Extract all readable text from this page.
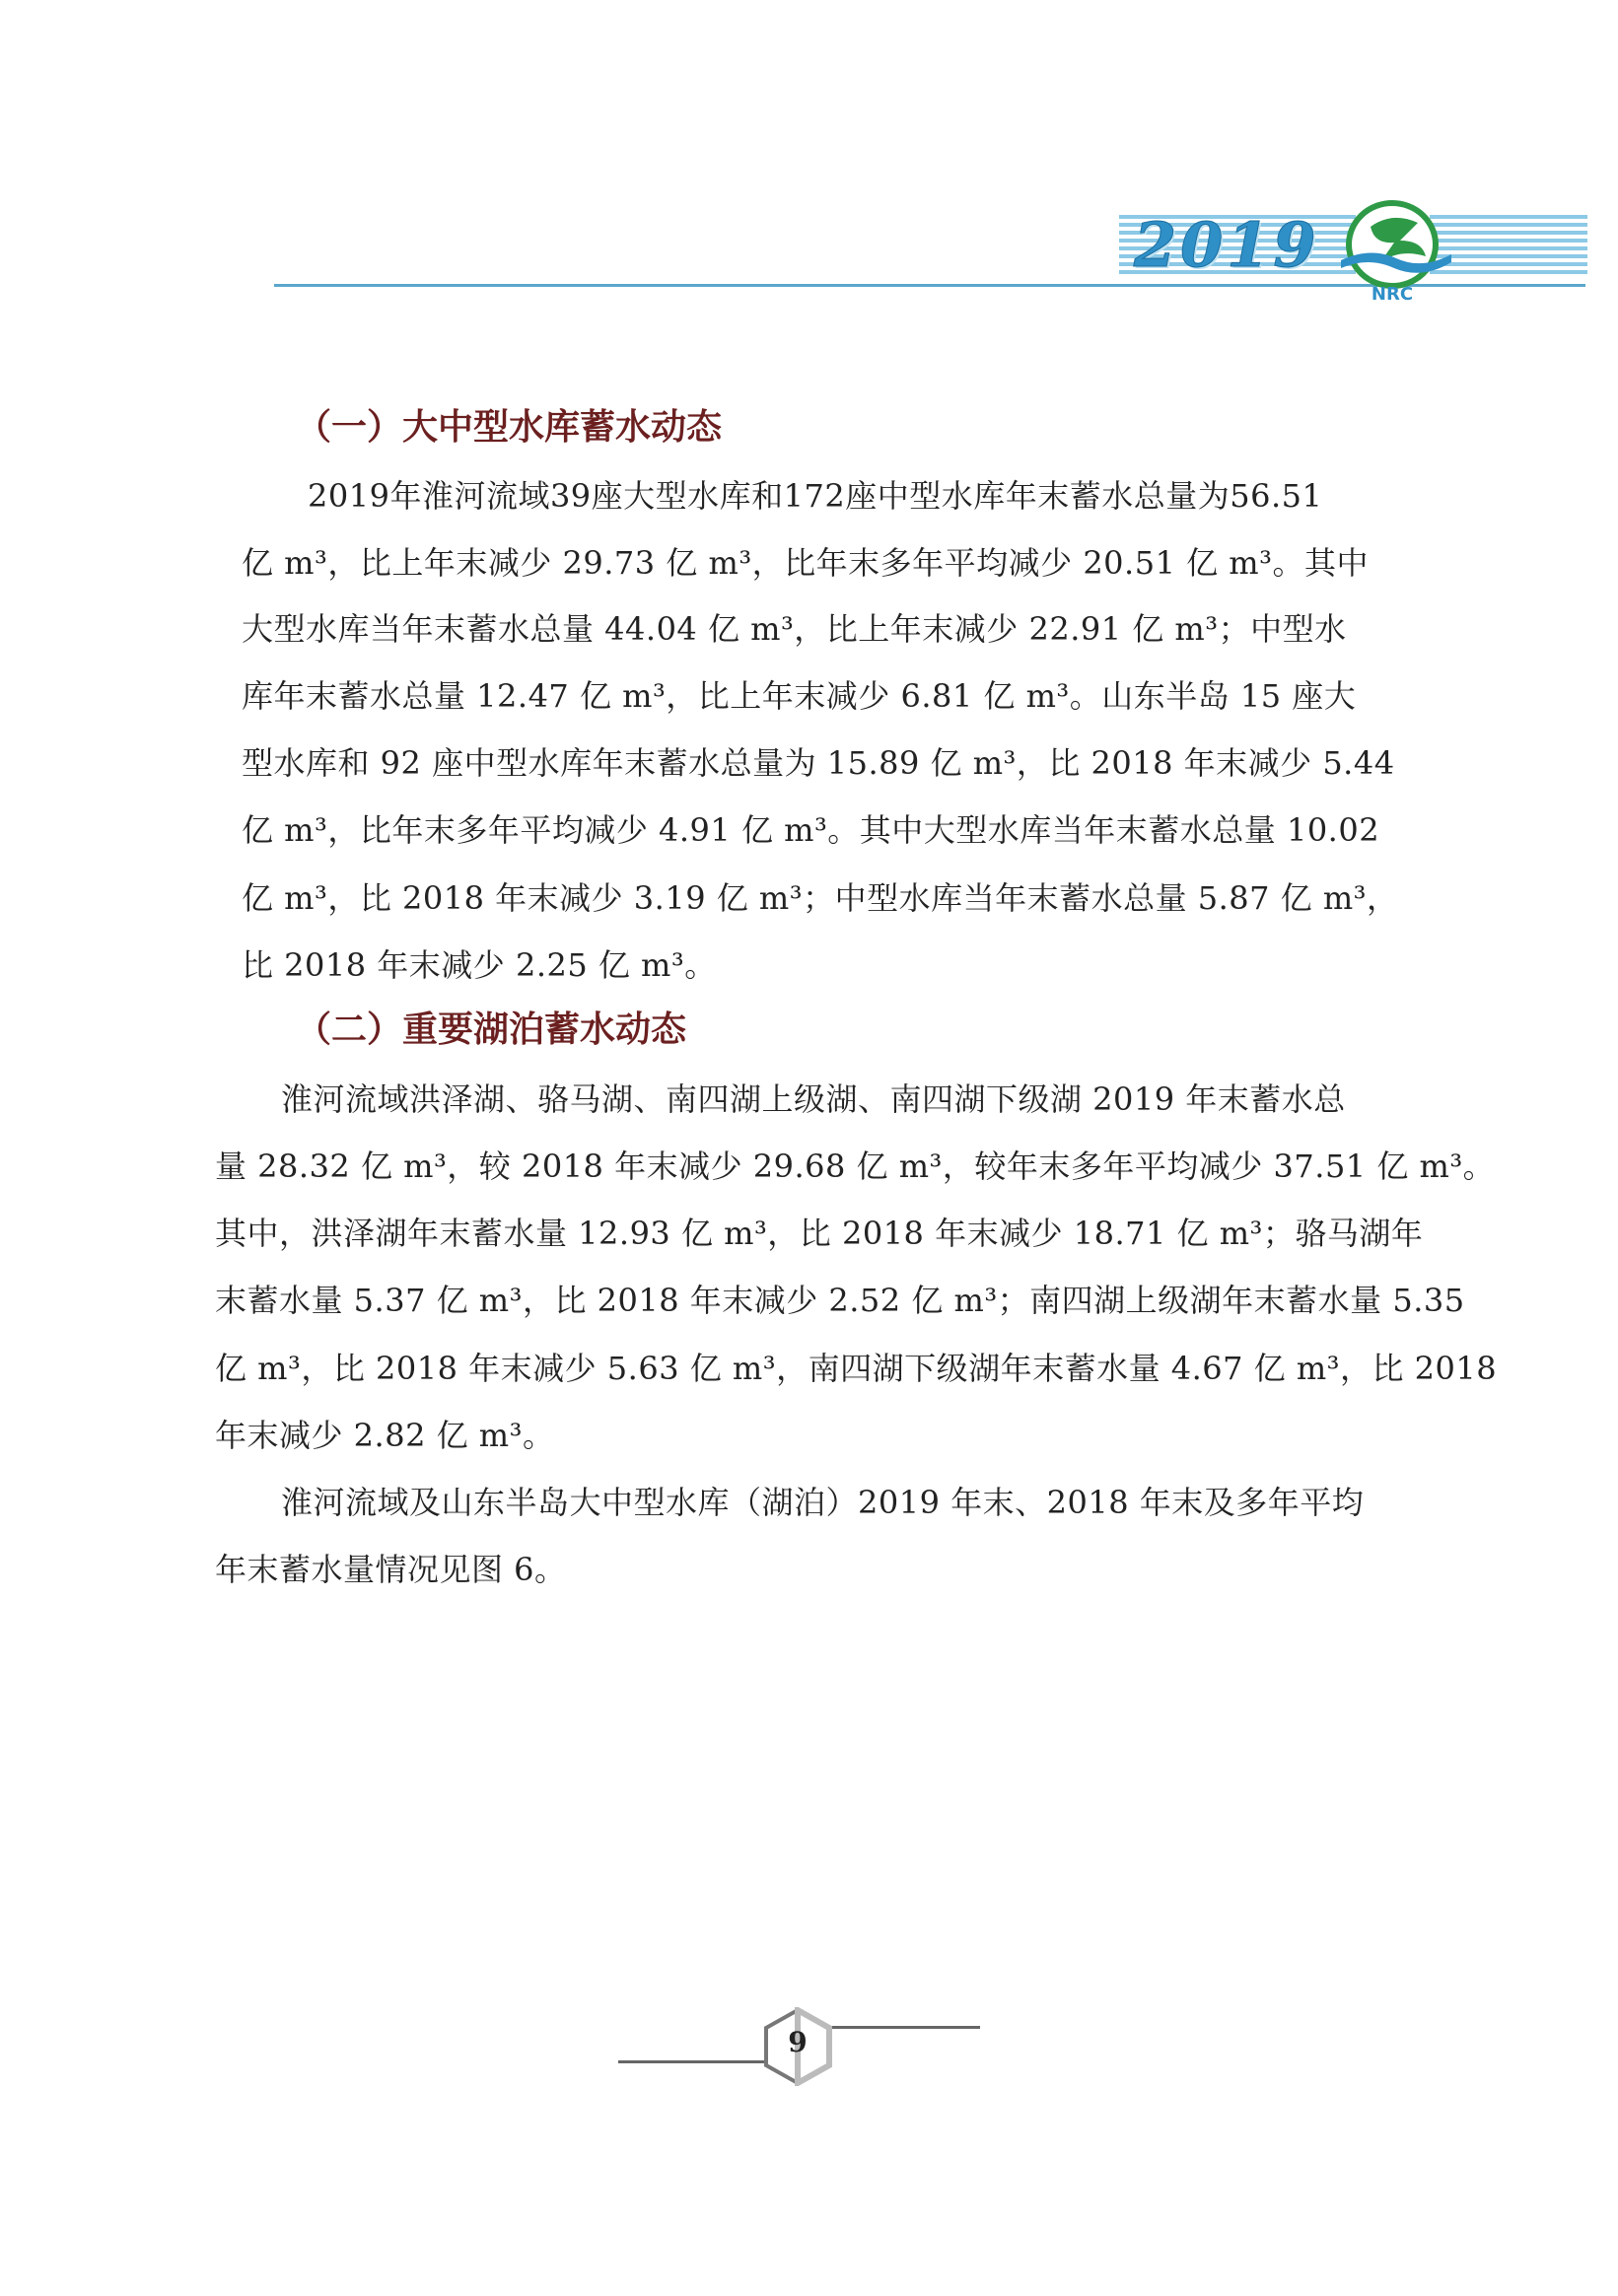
2019
NRC
（一）大中型水库蓄水动态
2019年淮河流域39座大型水库和172座中型水库年末蓄水总量为56.51
亿 m³，比上年末减少 29.73 亿 m³，比年末多年平均减少 20.51 亿 m³。其中
大型水库当年末蓄水总量 44.04 亿 m³，比上年末减少 22.91 亿 m³；中型水
库年末蓄水总量 12.47 亿 m³，比上年末减少 6.81 亿 m³。山东半岛 15 座大
型水库和 92 座中型水库年末蓄水总量为 15.89 亿 m³，比 2018 年末减少 5.44
亿 m³，比年末多年平均减少 4.91 亿 m³。其中大型水库当年末蓄水总量 10.02
亿 m³，比 2018 年末减少 3.19 亿 m³；中型水库当年末蓄水总量 5.87 亿 m³，
比 2018 年末减少 2.25 亿 m³。
（二）重要湖泊蓄水动态
淮河流域洪泽湖、骆马湖、南四湖上级湖、南四湖下级湖 2019 年末蓄水总
量 28.32 亿 m³，较 2018 年末减少 29.68 亿 m³，较年末多年平均减少 37.51 亿 m³。
其中，洪泽湖年末蓄水量 12.93 亿 m³，比 2018 年末减少 18.71 亿 m³；骆马湖年
末蓄水量 5.37 亿 m³，比 2018 年末减少 2.52 亿 m³；南四湖上级湖年末蓄水量 5.35
亿 m³，比 2018 年末减少 5.63 亿 m³，南四湖下级湖年末蓄水量 4.67 亿 m³，比 2018
年末减少 2.82 亿 m³。
淮河流域及山东半岛大中型水库（湖泊）2019 年末、2018 年末及多年平均
年末蓄水量情况见图 6。
9
